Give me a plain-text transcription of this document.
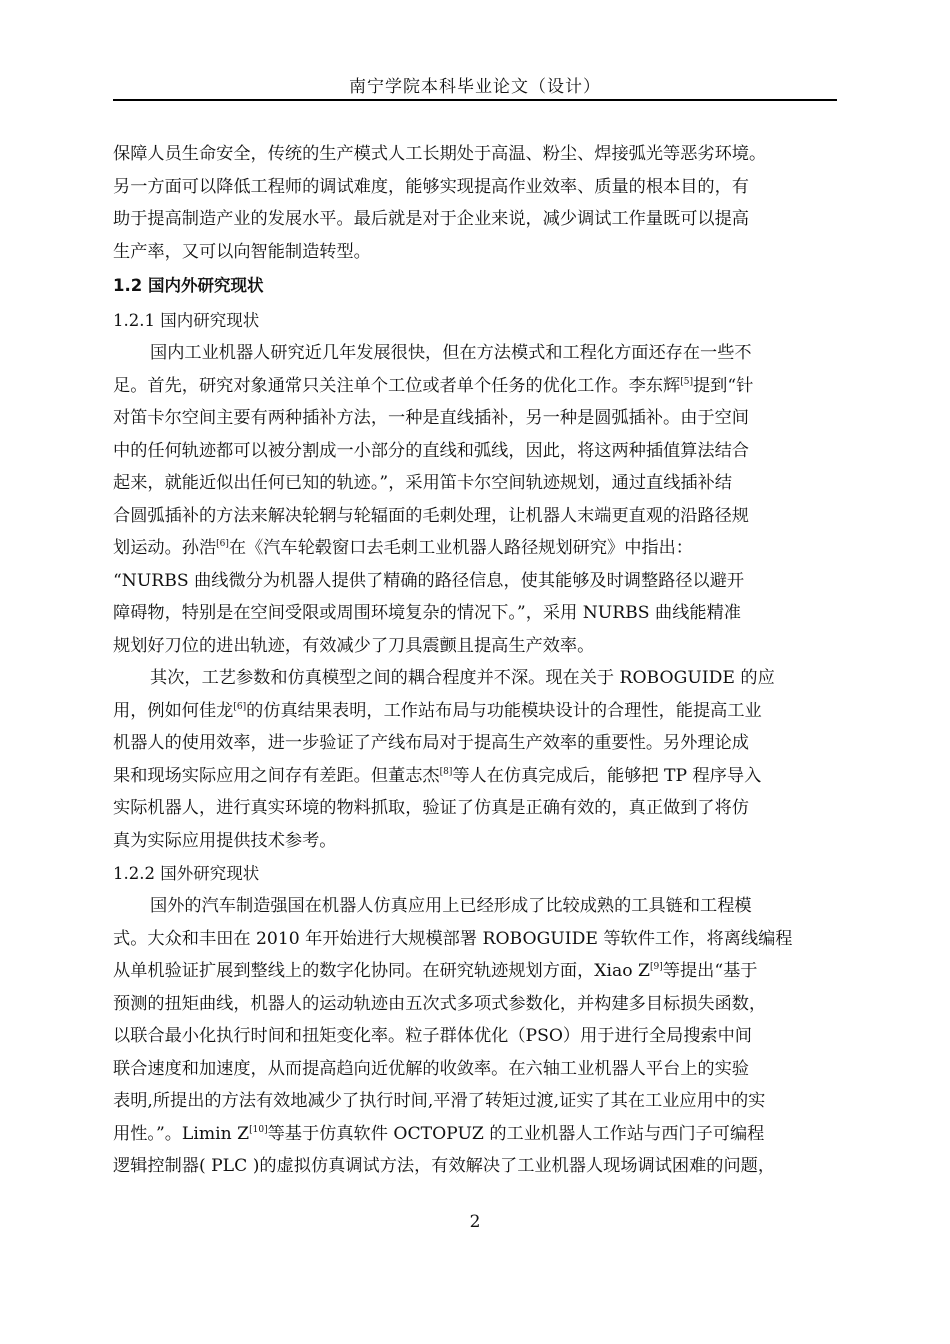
南宁学院本科毕业论文（设计）
保障人员生命安全，传统的生产模式人工长期处于高温、粉尘、焊接弧光等恶劣环境。
另一方面可以降低工程师的调试难度，能够实现提高作业效率、质量的根本目的，有
助于提高制造产业的发展水平。最后就是对于企业来说，减少调试工作量既可以提高
生产率，又可以向智能制造转型。
1.2 国内外研究现状
1.2.1 国内研究现状
国内工业机器人研究近几年发展很快，但在方法模式和工程化方面还存在一些不
足。首先，研究对象通常只关注单个工位或者单个任务的优化工作。李东辉[5]提到“针
对笛卡尔空间主要有两种插补方法，一种是直线插补，另一种是圆弧插补。由于空间
中的任何轨迹都可以被分割成一小部分的直线和弧线，因此，将这两种插值算法结合
起来，就能近似出任何已知的轨迹。”，采用笛卡尔空间轨迹规划，通过直线插补结
合圆弧插补的方法来解决轮辋与轮辐面的毛刺处理，让机器人末端更直观的沿路径规
划运动。孙浩[6]在《汽车轮毂窗口去毛刺工业机器人路径规划研究》中指出：
“NURBS 曲线微分为机器人提供了精确的路径信息，使其能够及时调整路径以避开
障碍物，特别是在空间受限或周围环境复杂的情况下。”，采用 NURBS 曲线能精准
规划好刀位的进出轨迹，有效减少了刀具震颤且提高生产效率。
其次，工艺参数和仿真模型之间的耦合程度并不深。现在关于 ROBOGUIDE 的应
用，例如何佳龙[6]的仿真结果表明，工作站布局与功能模块设计的合理性，能提高工业
机器人的使用效率，进一步验证了产线布局对于提高生产效率的重要性。另外理论成
果和现场实际应用之间存有差距。但董志杰[8]等人在仿真完成后，能够把 TP 程序导入
实际机器人，进行真实环境的物料抓取，验证了仿真是正确有效的，真正做到了将仿
真为实际应用提供技术参考。
1.2.2 国外研究现状
国外的汽车制造强国在机器人仿真应用上已经形成了比较成熟的工具链和工程模
式。大众和丰田在 2010 年开始进行大规模部署 ROBOGUIDE 等软件工作，将离线编程
从单机验证扩展到整线上的数字化协同。在研究轨迹规划方面，Xiao Z[9]等提出“基于
预测的扭矩曲线，机器人的运动轨迹由五次式多项式参数化，并构建多目标损失函数，
以联合最小化执行时间和扭矩变化率。粒子群体优化（PSO）用于进行全局搜索中间
联合速度和加速度，从而提高趋向近优解的收敛率。在六轴工业机器人平台上的实验
表明,所提出的方法有效地减少了执行时间,平滑了转矩过渡,证实了其在工业应用中的实
用性。”。Limin Z[10]等基于仿真软件 OCTOPUZ 的工业机器人工作站与西门子可编程
逻辑控制器( PLC )的虚拟仿真调试方法，有效解决了工业机器人现场调试困难的问题，
2
